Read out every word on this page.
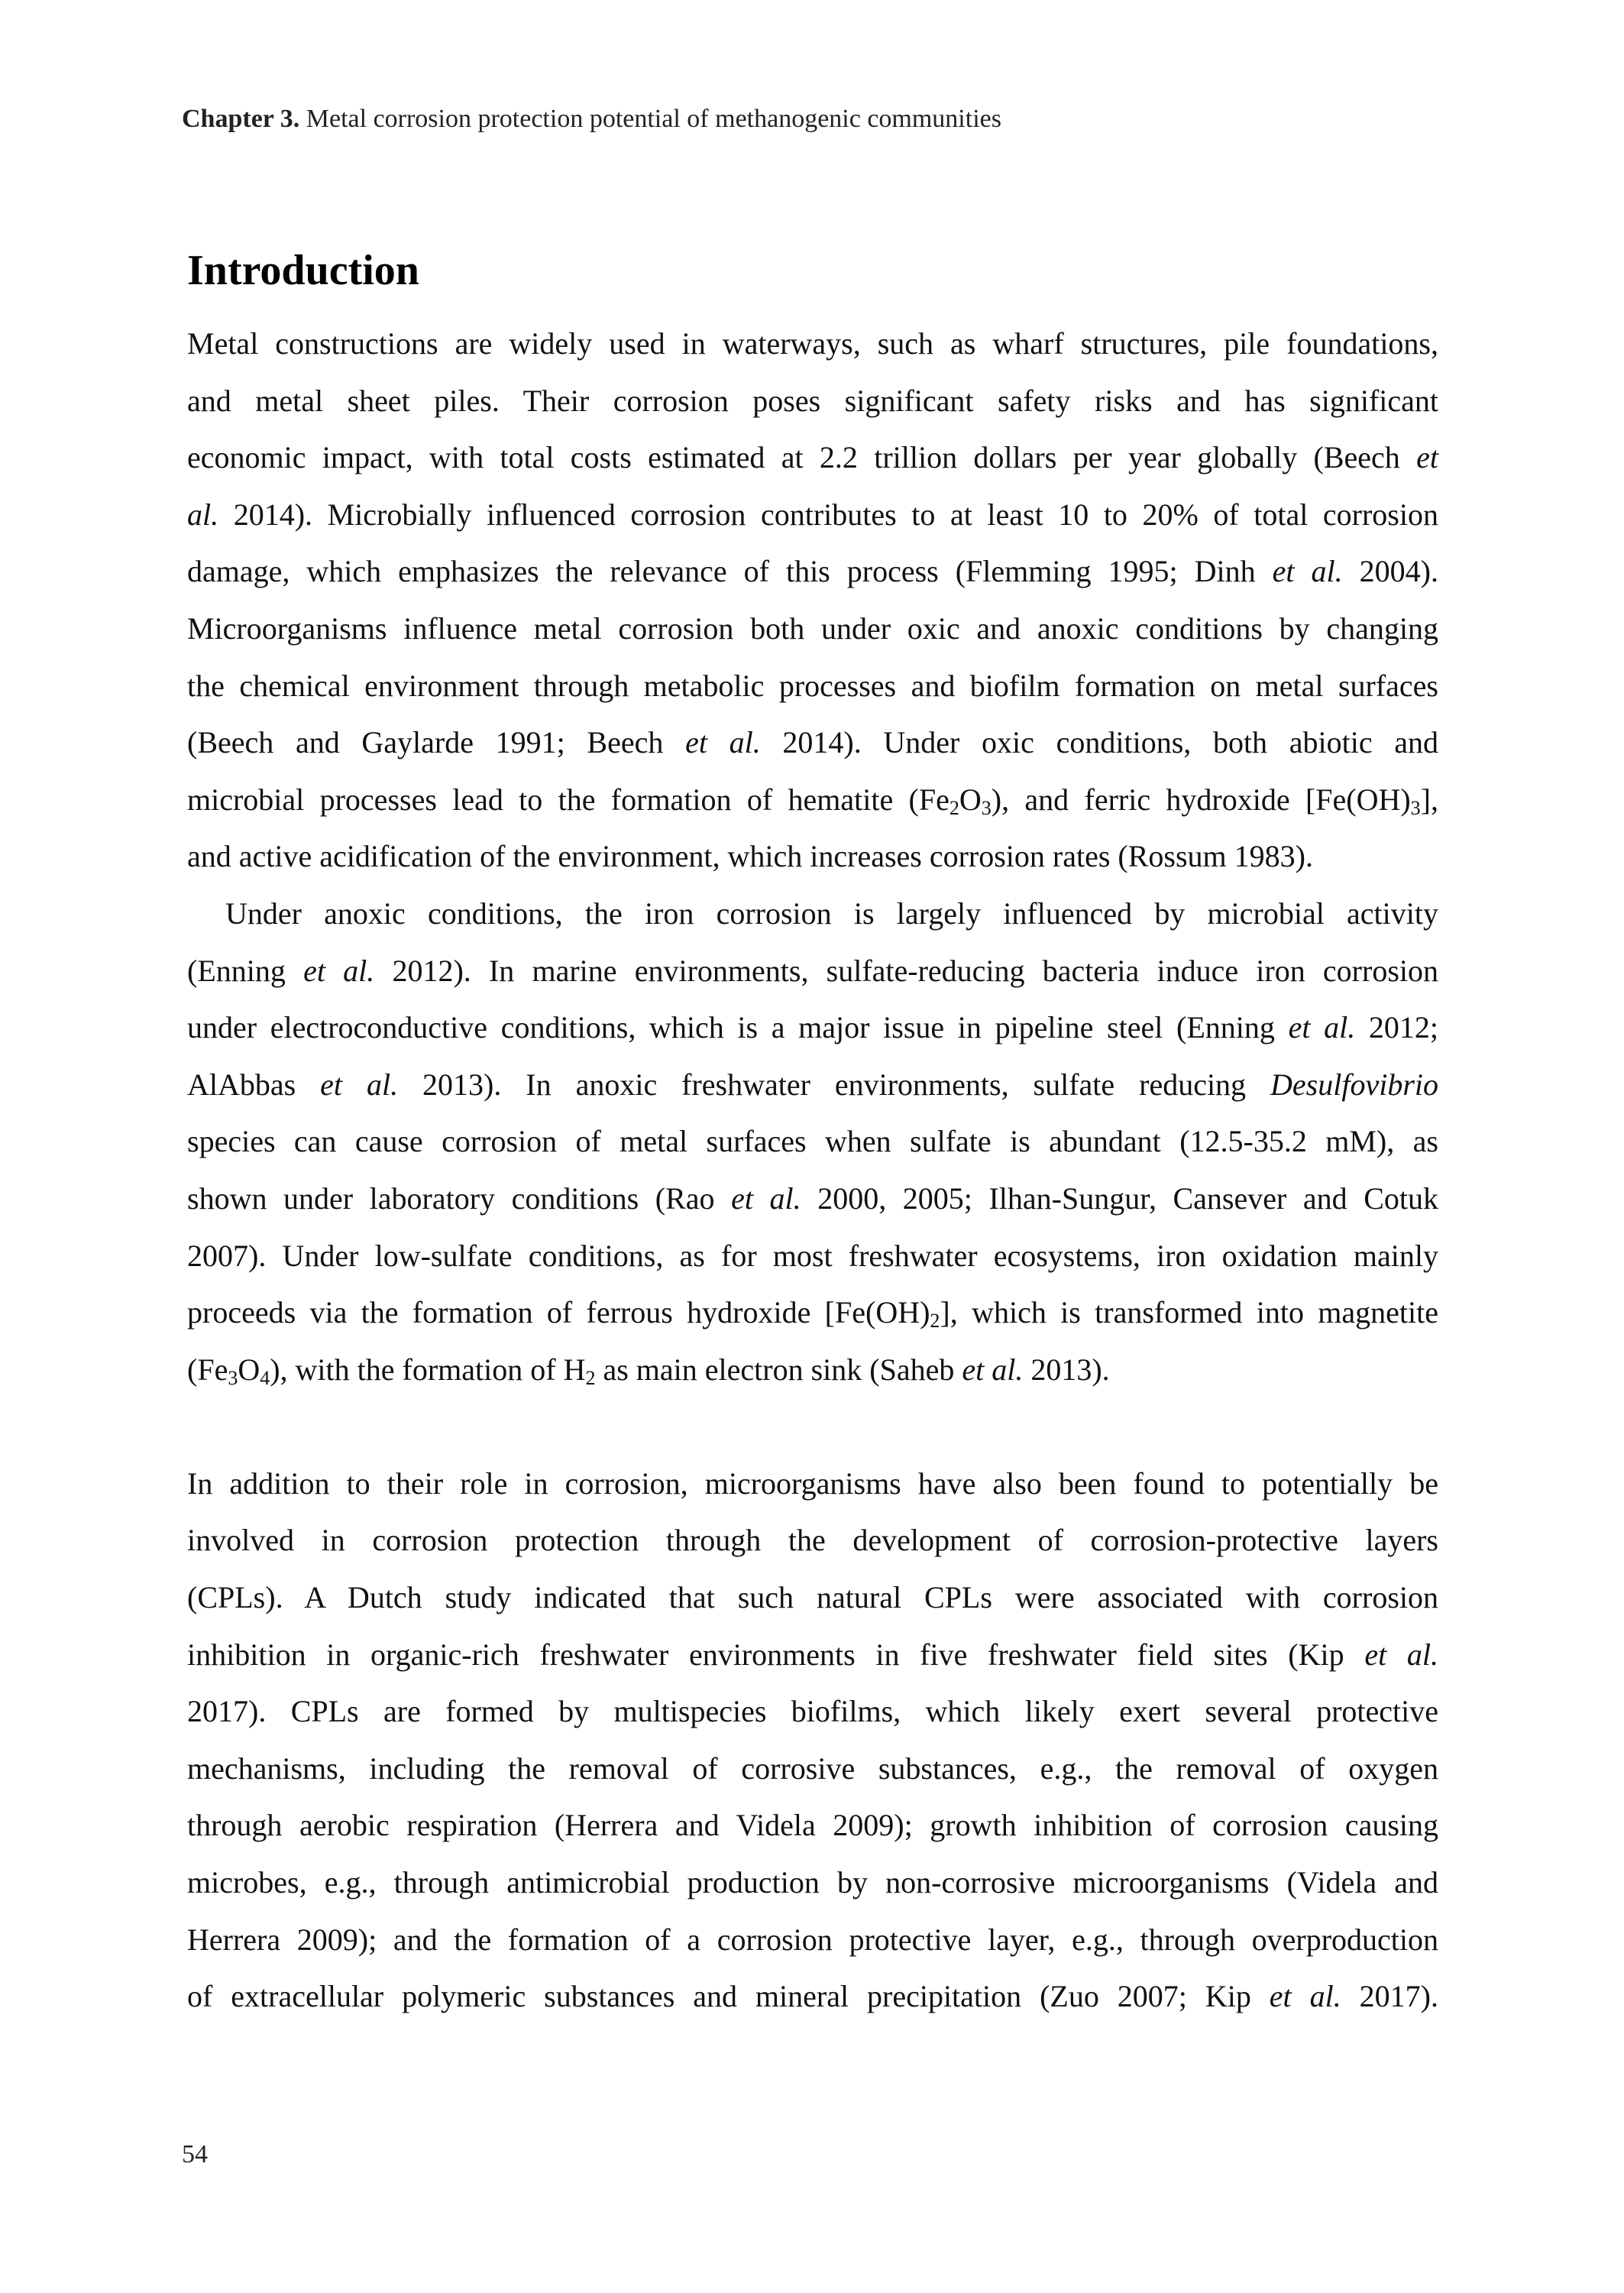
Chapter 3. Metal corrosion protection potential of methanogenic communities
Introduction
Metal constructions are widely used in waterways, such as wharf structures, pile foundations,
and metal sheet piles. Their corrosion poses significant safety risks and has significant
economic impact, with total costs estimated at 2.2 trillion dollars per year globally (Beech et
al. 2014). Microbially influenced corrosion contributes to at least 10 to 20% of total corrosion
damage, which emphasizes the relevance of this process (Flemming 1995; Dinh et al. 2004).
Microorganisms influence metal corrosion both under oxic and anoxic conditions by changing
the chemical environment through metabolic processes and biofilm formation on metal surfaces
(Beech and Gaylarde 1991; Beech et al. 2014). Under oxic conditions, both abiotic and
microbial processes lead to the formation of hematite $(Fe_2O_3)$, and ferric hydroxide $[Fe(OH)_3]$,
and active acidification of the environment, which increases corrosion rates (Rossum 1983).
Under anoxic conditions, the iron corrosion is largely influenced by microbial activity
(Enning et al. 2012). In marine environments, sulfate-reducing bacteria induce iron corrosion
under electroconductive conditions, which is a major issue in pipeline steel (Enning et al. 2012;
AlAbbas et al. 2013). In anoxic freshwater environments, sulfate reducing Desulfovibrio
species can cause corrosion of metal surfaces when sulfate is abundant (12.5-35.2 mM), as
shown under laboratory conditions (Rao et al. 2000, 2005; Ilhan-Sungur, Cansever and Cotuk
2007). Under low-sulfate conditions, as for most freshwater ecosystems, iron oxidation mainly
proceeds via the formation of ferrous hydroxide $[Fe(OH)_2]$, which is transformed into magnetite
$(Fe_3O_4)$, with the formation of $H_2$ as main electron sink (Saheb et al. 2013).
In addition to their role in corrosion, microorganisms have also been found to potentially be
involved in corrosion protection through the development of corrosion-protective layers
(CPLs). A Dutch study indicated that such natural CPLs were associated with corrosion
inhibition in organic-rich freshwater environments in five freshwater field sites (Kip et al.
2017). CPLs are formed by multispecies biofilms, which likely exert several protective
mechanisms, including the removal of corrosive substances, e.g., the removal of oxygen
through aerobic respiration (Herrera and Videla 2009); growth inhibition of corrosion causing
microbes, e.g., through antimicrobial production by non-corrosive microorganisms (Videla and
Herrera 2009); and the formation of a corrosion protective layer, e.g., through overproduction
of extracellular polymeric substances and mineral precipitation (Zuo 2007; Kip et al. 2017).
54
